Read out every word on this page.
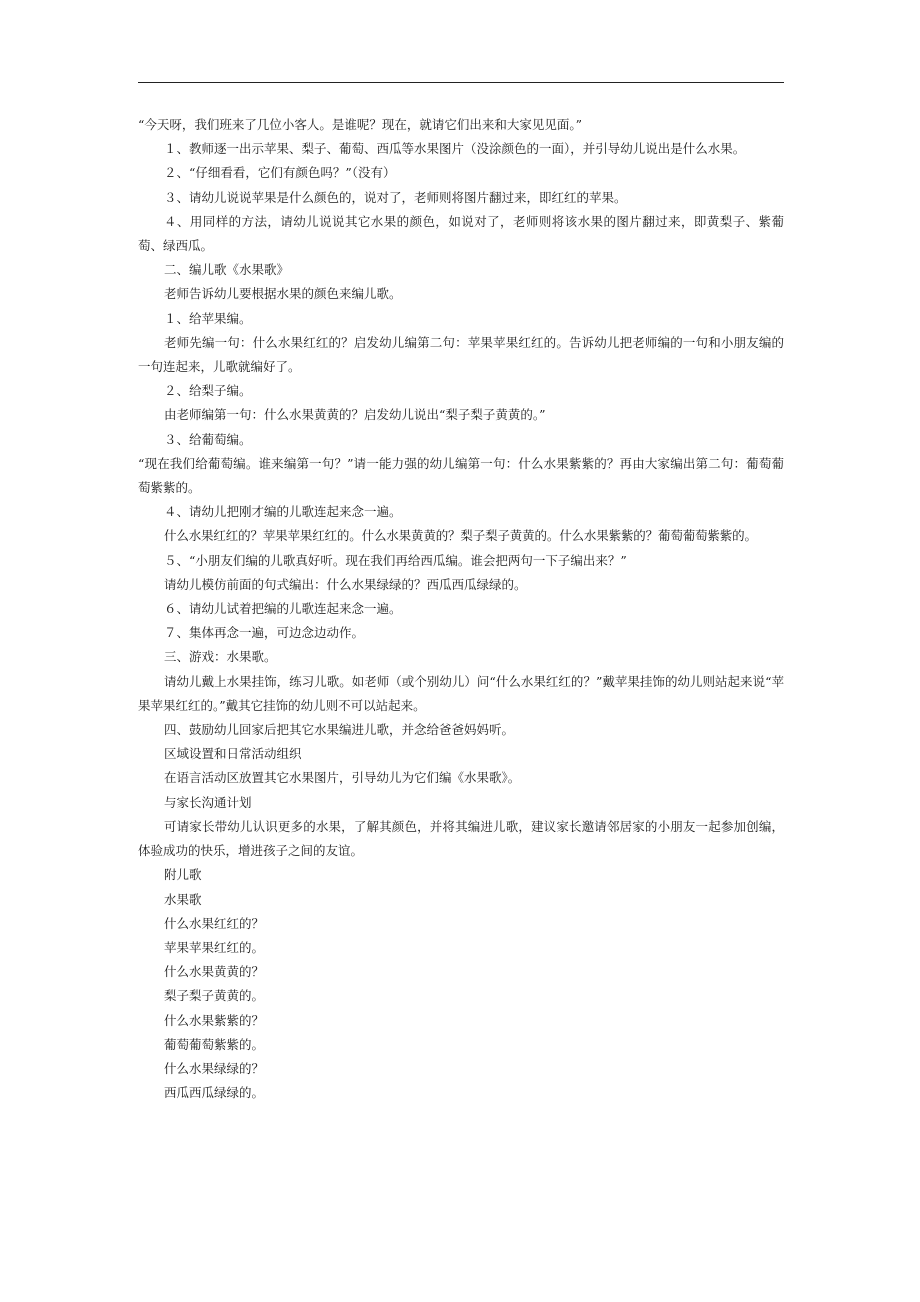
“今天呀，我们班来了几位小客人。是谁呢？现在，就请它们出来和大家见见面。”

１、教师逐一出示苹果、梨子、葡萄、西瓜等水果图片（没涂颜色的一面），并引导幼儿说出是什么水果。

２、“仔细看看，它们有颜色吗？”（没有）

３、请幼儿说说苹果是什么颜色的，说对了，老师则将图片翻过来，即红红的苹果。

４、用同样的方法，请幼儿说说其它水果的颜色，如说对了，老师则将该水果的图片翻过来，即黄梨子、紫葡萄、绿西瓜。

二、编儿歌《水果歌》

老师告诉幼儿要根据水果的颜色来编儿歌。

１、给苹果编。

老师先编一句：什么水果红红的？启发幼儿编第二句：苹果苹果红红的。告诉幼儿把老师编的一句和小朋友编的一句连起来，儿歌就编好了。

２、给梨子编。

由老师编第一句：什么水果黄黄的？启发幼儿说出“梨子梨子黄黄的。”

３、给葡萄编。

“现在我们给葡萄编。谁来编第一句？”请一能力强的幼儿编第一句：什么水果紫紫的？再由大家编出第二句：葡萄葡萄紫紫的。

４、请幼儿把刚才编的儿歌连起来念一遍。

什么水果红红的？苹果苹果红红的。什么水果黄黄的？梨子梨子黄黄的。什么水果紫紫的？葡萄葡萄紫紫的。

５、“小朋友们编的儿歌真好听。现在我们再给西瓜编。谁会把两句一下子编出来？”

请幼儿模仿前面的句式编出：什么水果绿绿的？西瓜西瓜绿绿的。

６、请幼儿试着把编的儿歌连起来念一遍。

７、集体再念一遍，可边念边动作。

三、游戏：水果歌。

请幼儿戴上水果挂饰，练习儿歌。如老师（或个别幼儿）问“什么水果红红的？”戴苹果挂饰的幼儿则站起来说“苹果苹果红红的。”戴其它挂饰的幼儿则不可以站起来。

四、鼓励幼儿回家后把其它水果编进儿歌，并念给爸爸妈妈听。

区域设置和日常活动组织

在语言活动区放置其它水果图片，引导幼儿为它们编《水果歌》。

与家长沟通计划

可请家长带幼儿认识更多的水果，了解其颜色，并将其编进儿歌，建议家长邀请邻居家的小朋友一起参加创编，体验成功的快乐，增进孩子之间的友谊。

附儿歌

水果歌

什么水果红红的？

苹果苹果红红的。

什么水果黄黄的？

梨子梨子黄黄的。

什么水果紫紫的？

葡萄葡萄紫紫的。

什么水果绿绿的？

西瓜西瓜绿绿的。
